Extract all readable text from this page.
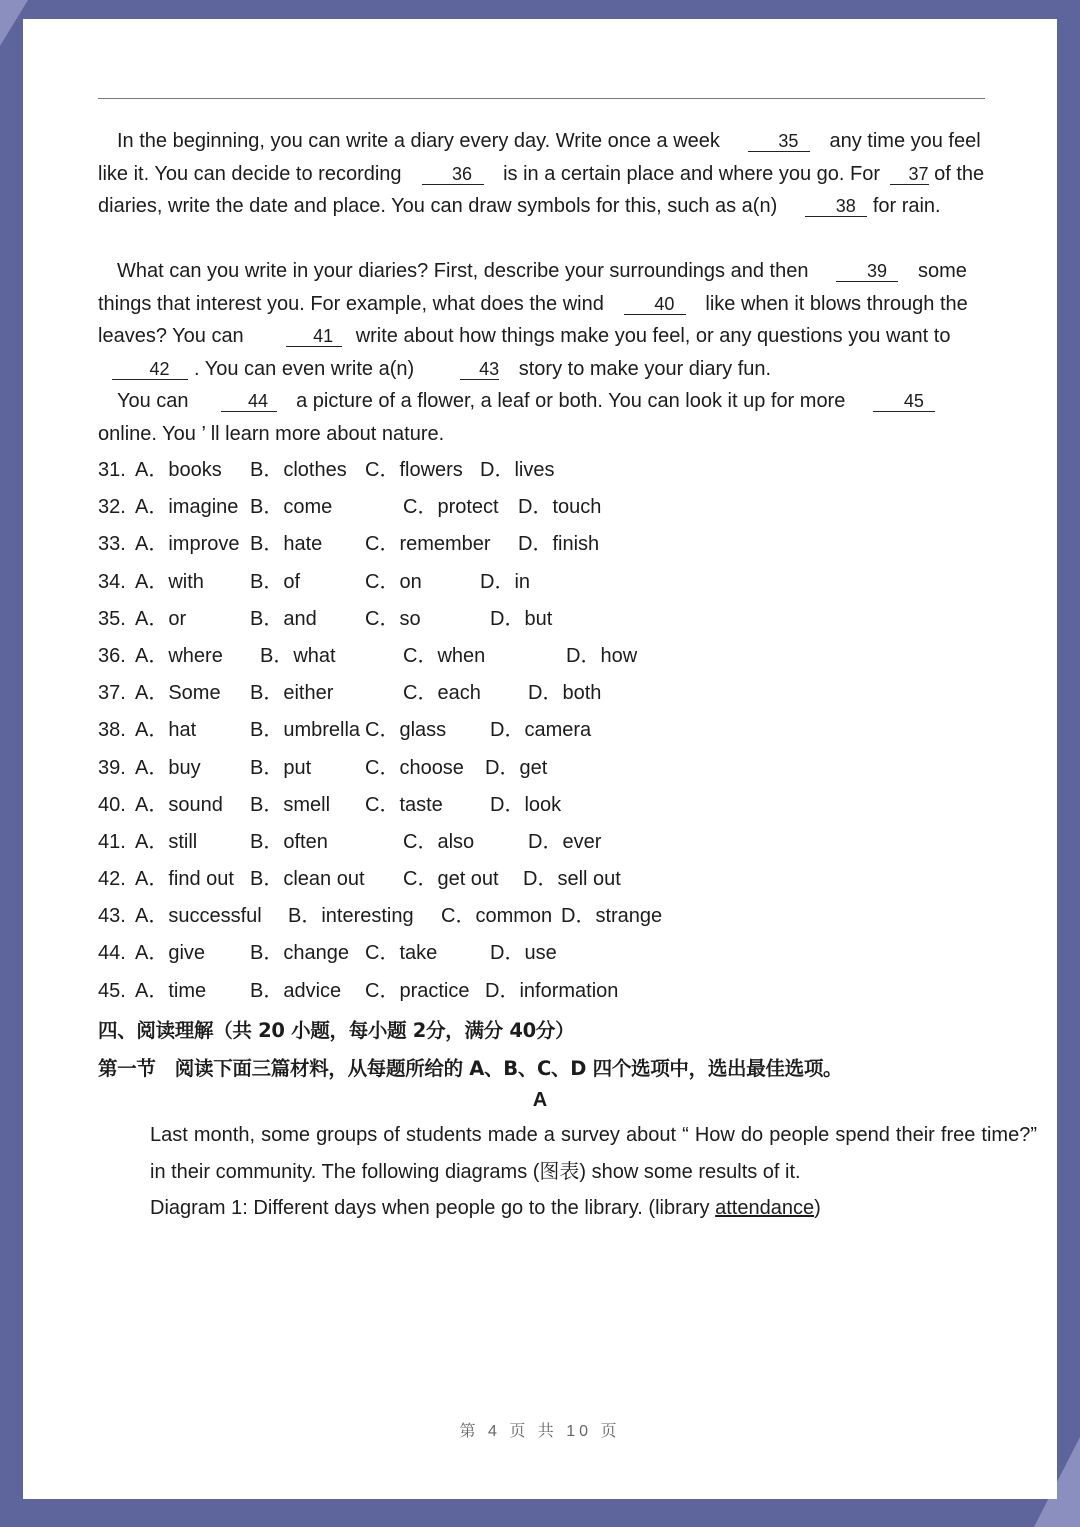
In the beginning, you can write a diary every day. Write once a week	35 any time you feel like it. You can decide to recording	36 is in a certain place and where you go. For 37 of the diaries, write the date and place. You can draw symbols for this, such as a(n)	38 for rain.

What can you write in your diaries? First, describe your surroundings and then	39 some things that interest you. For example, what does the wind	40 like when it blows through the leaves? You can	41 write about how things make you feel, or any questions you want to42 . You can even write a(n)	43 story to make your diary fun.

You can	44 a picture of a flower, a leaf or both. You can look it up for more	45 online. You ’ ll learn more about nature.

31. A．books B．clothes C．flowers D．lives
32. A．imagine B．come	C．protect D．touch
33. A．improve B．hate C．remember D．finish
34. A．with B．of	C．on	D．in
35. A．or	B．and C．so	D．but
36. A．where B．what	C．when	D．how
37. A．Some B．either	C．each D．both
38. A．hat	B．umbrella C．glass D．camera
39. A．buy B．put	C．choose D．get
40. A．sound B．smell C．taste D．look
41. A．still	B．often	C．also	D．ever
42. A．find out B．clean out C．get out D．sell out
43. A．successful B．interesting C．common D．strange
44. A．give B．change C．take	D．use
45. A．time B．advice C．practice D．information
四、阅读理解（共 20 小题，每小题 2分，满分 40分）
第一节　阅读下面三篇材料，从每题所给的 A、B、C、D 四个选项中，选出最佳选项。
A

Last month, some groups of students made a survey about “ How do people spend their free time?” in their community. The following diagrams (图表) show some results of it.

Diagram 1: Different days when people go to the library. (library attendance)

第 4 页 共 10 页
